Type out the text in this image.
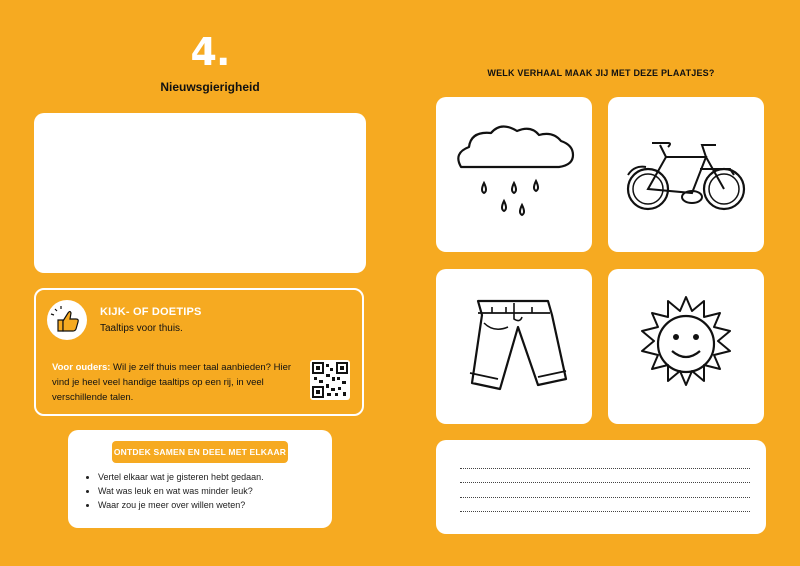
4.
Nieuwsgierigheid
KIJK- OF DOETIPS
Taaltips voor thuis.
Voor ouders: Wil je zelf thuis meer taal aanbieden? Hier vind je heel veel handige taaltips op een rij, in veel verschillende talen.
ONTDEK SAMEN EN DEEL MET ELKAAR
• Vertel elkaar wat je gisteren hebt gedaan.
• Wat was leuk en wat was minder leuk?
• Waar zou je meer over willen weten?
WELK VERHAAL MAAK JIJ MET DEZE PLAATJES?
